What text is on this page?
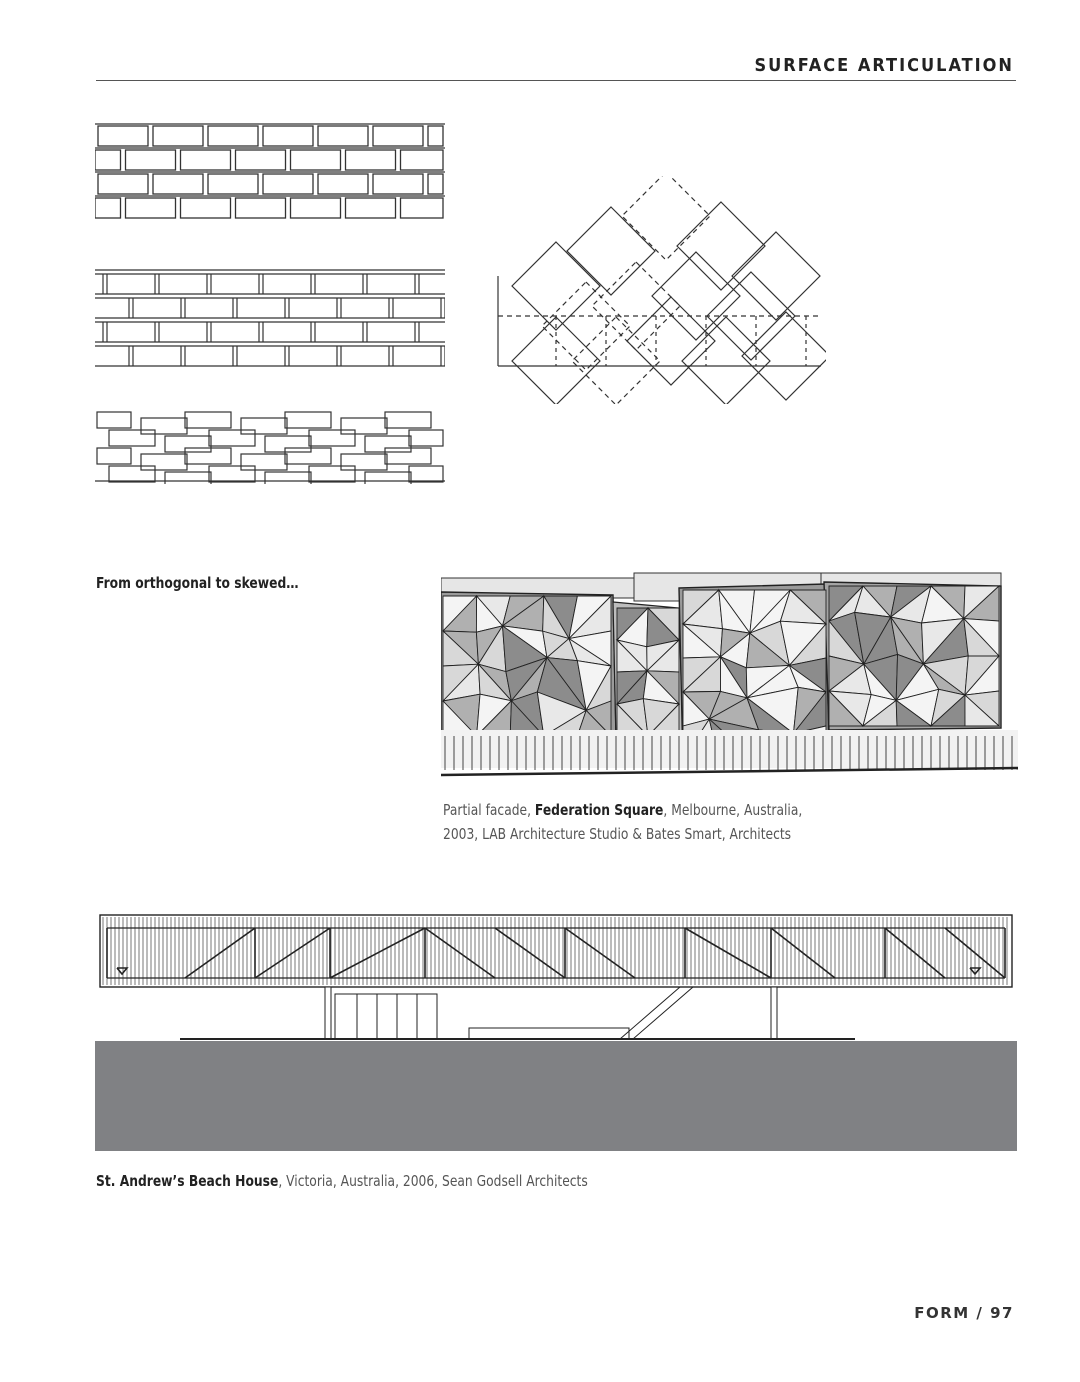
SURFACE ARTICULATION
From orthogonal to skewed…
Partial facade, Federation Square, Melbourne, Australia,
2003, LAB Architecture Studio & Bates Smart, Architects
St. Andrew’s Beach House, Victoria, Australia, 2006, Sean Godsell Architects
FORM / 97
